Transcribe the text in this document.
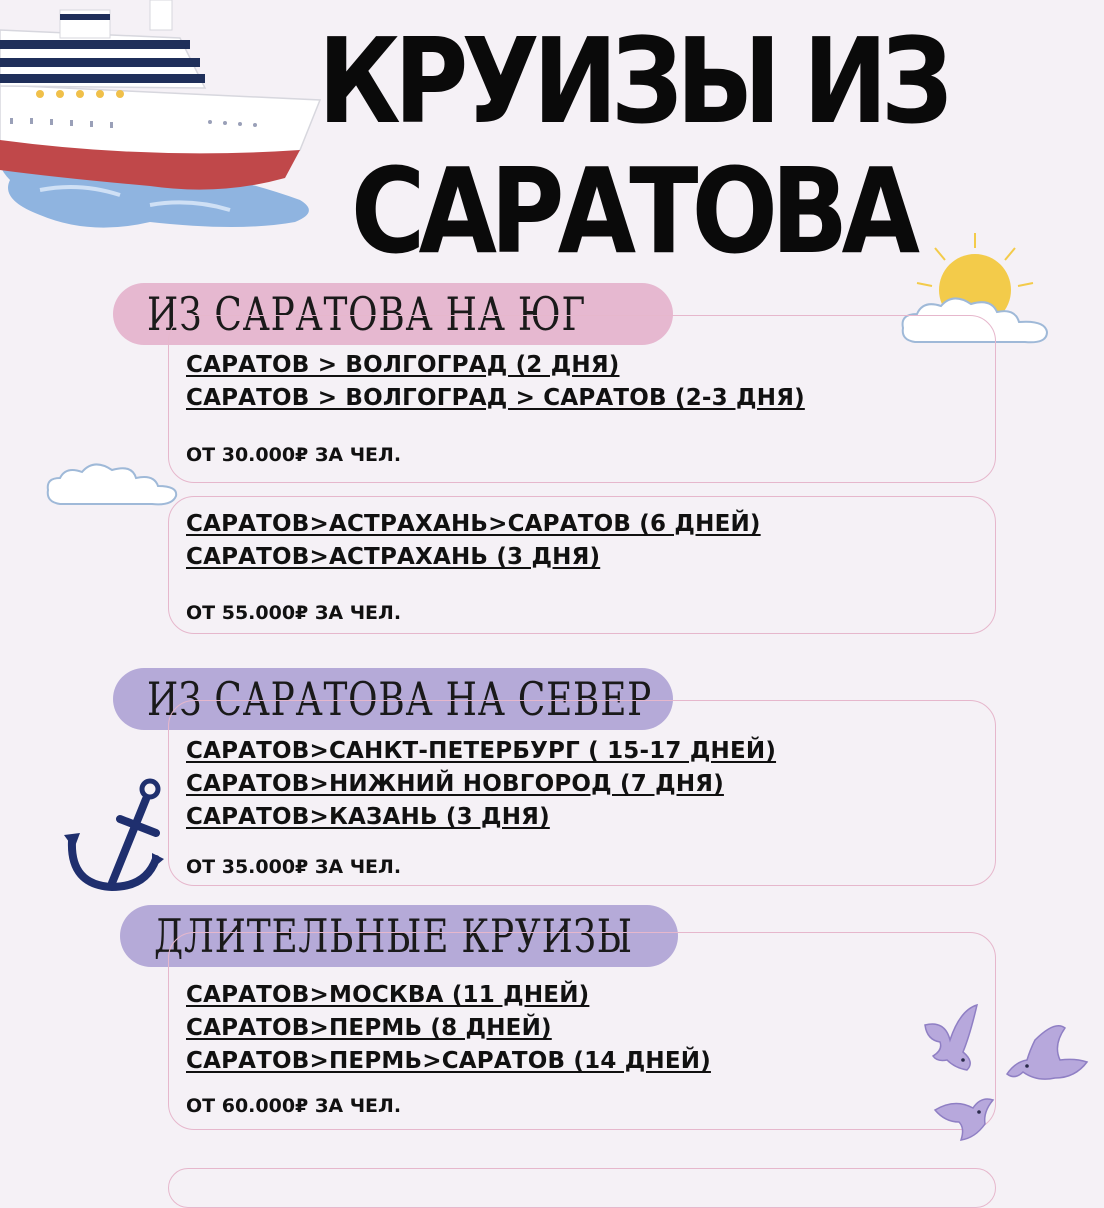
КРУИЗЫ ИЗ
САРАТОВА
ИЗ САРАТОВА НА ЮГ
САРАТОВ > ВОЛГОГРАД (2 ДНЯ)
САРАТОВ > ВОЛГОГРАД > САРАТОВ (2-3 ДНЯ)
ОТ 30.000₽ ЗА ЧЕЛ.
САРАТОВ>АСТРАХАНЬ>САРАТОВ (6 ДНЕЙ)
САРАТОВ>АСТРАХАНЬ (3 ДНЯ)
ОТ 55.000₽ ЗА ЧЕЛ.
ИЗ САРАТОВА НА СЕВЕР
САРАТОВ>САНКТ-ПЕТЕРБУРГ ( 15-17 ДНЕЙ)
САРАТОВ>НИЖНИЙ НОВГОРОД (7 ДНЯ)
САРАТОВ>КАЗАНЬ (3 ДНЯ)
ОТ 35.000₽ ЗА ЧЕЛ.
ДЛИТЕЛЬНЫЕ КРУИЗЫ
САРАТОВ>МОСКВА (11 ДНЕЙ)
САРАТОВ>ПЕРМЬ (8 ДНЕЙ)
САРАТОВ>ПЕРМЬ>САРАТОВ (14 ДНЕЙ)
ОТ 60.000₽ ЗА ЧЕЛ.
